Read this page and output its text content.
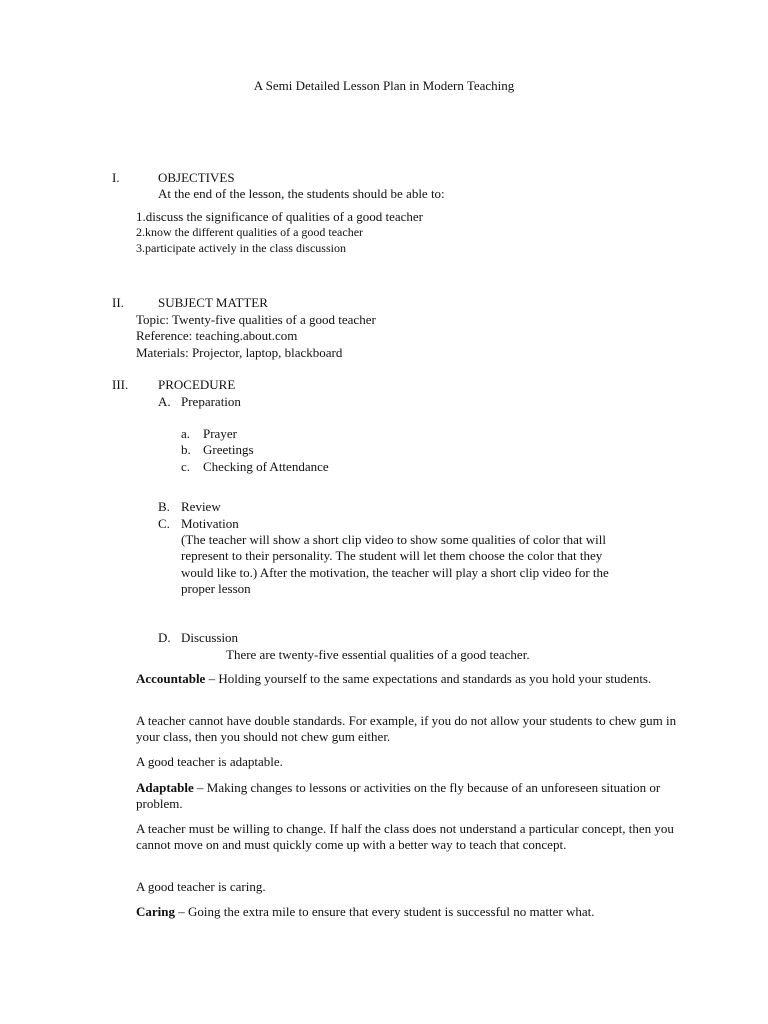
A Semi Detailed Lesson Plan in Modern Teaching
I.	OBJECTIVES
At the end of the lesson, the students should be able to:
1.discuss the significance of qualities of a good teacher
2.know the different qualities of a good teacher
3.participate actively in the class discussion
II.	SUBJECT MATTER
Topic: Twenty-five qualities of a good teacher
Reference: teaching.about.com
Materials: Projector, laptop, blackboard
III. PROCEDURE
A. Preparation
a. Prayer
b. Greetings
c. Checking of Attendance
B. Review
C. Motivation
(The teacher will show a short clip video to show some qualities of color that will
represent to their personality. The student will let them choose the color that they
would like to.) After the motivation, the teacher will play a short clip video for the
proper lesson
D. Discussion
There are twenty-five essential qualities of a good teacher.
Accountable – Holding yourself to the same expectations and standards as you hold your students.
A teacher cannot have double standards. For example, if you do not allow your students to chew gum in your class, then you should not chew gum either.
A good teacher is adaptable.
Adaptable – Making changes to lessons or activities on the fly because of an unforeseen situation or problem.
A teacher must be willing to change. If half the class does not understand a particular concept, then you cannot move on and must quickly come up with a better way to teach that concept.
A good teacher is caring.
Caring – Going the extra mile to ensure that every student is successful no matter what.
